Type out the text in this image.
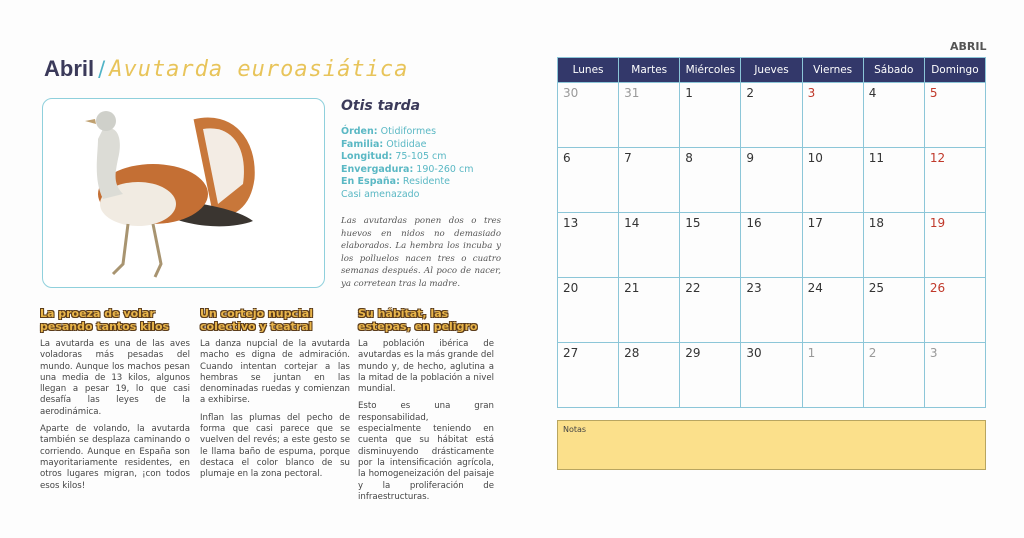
Abril / Avutarda euroasiática
Otis tarda
Órden: Otidiformes
Familia: Otididae
Longitud: 75-105 cm
Envergadura: 190-260 cm
En España: Residente
Casi amenazado
Las avutardas ponen dos o tres huevos en nidos no demasiado elaborados. La hembra los incuba y los polluelos nacen tres o cuatro semanas después. Al poco de nacer, ya corretean tras la madre.
La proeza de volar pesando tantos kilos

La avutarda es una de las aves voladoras más pesadas del mundo. Aunque los machos pesan una media de 13 kilos, algunos llegan a pesar 19, lo que casi desafía las leyes de la aerodinámica.

Aparte de volando, la avutarda también se desplaza caminando o corriendo. Aunque en España son mayoritariamente residentes, en otros lugares migran, ¡con todos esos kilos!

Un cortejo nupcial colectivo y teatral

La danza nupcial de la avutarda macho es digna de admiración. Cuando intentan cortejar a las hembras se juntan en las denominadas ruedas y comienzan a exhibirse.

Inflan las plumas del pecho de forma que casi parece que se vuelven del revés; a este gesto se le llama baño de espuma, porque destaca el color blanco de su plumaje en la zona pectoral.

Su hábitat, las estepas, en peligro

La población ibérica de avutardas es la más grande del mundo y, de hecho, aglutina a la mitad de la población a nivel mundial.

Esto es una gran responsabilidad, especialmente teniendo en cuenta que su hábitat está disminuyendo drásticamente por la intensificación agrícola, la homogeneización del paisaje y la proliferación de infraestructuras.

ABRIL
Lunes	Martes	Miércoles	Jueves	Viernes	Sábado	Domingo
30	31	1	2	3	4	5
6	7	8	9	10	11	12
13	14	15	16	17	18	19
20	21	22	23	24	25	26
27	28	29	30	1	2	3
Notas
